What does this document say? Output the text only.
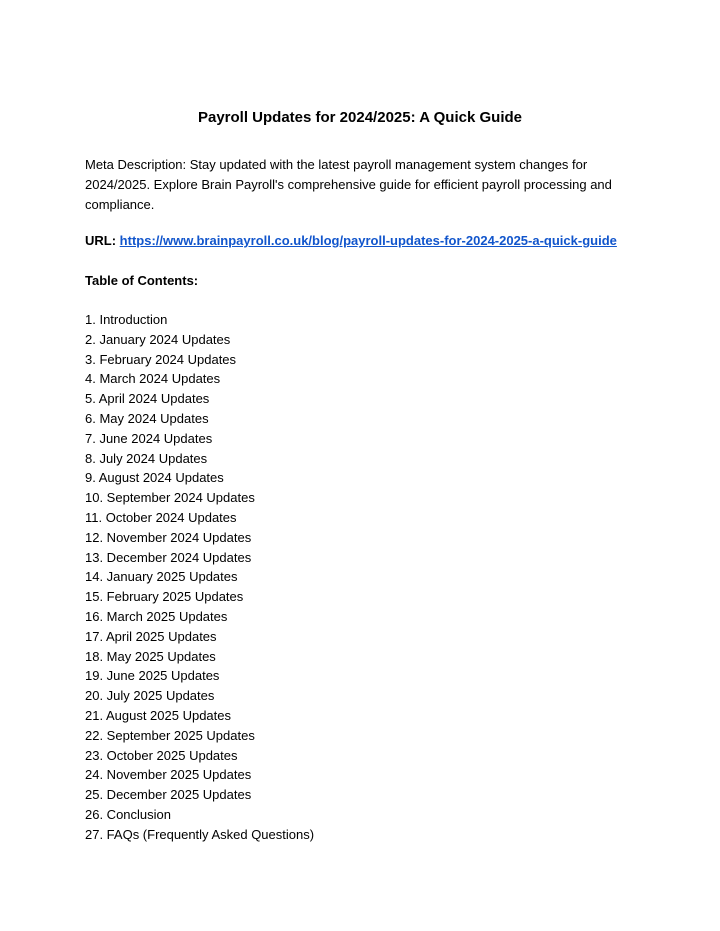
Payroll Updates for 2024/2025: A Quick Guide
Meta Description: Stay updated with the latest payroll management system changes for 2024/2025. Explore Brain Payroll's comprehensive guide for efficient payroll processing and compliance.
URL: https://www.brainpayroll.co.uk/blog/payroll-updates-for-2024-2025-a-quick-guide
Table of Contents:
1. Introduction
2. January 2024 Updates
3. February 2024 Updates
4. March 2024 Updates
5. April 2024 Updates
6. May 2024 Updates
7. June 2024 Updates
8. July 2024 Updates
9. August 2024 Updates
10. September 2024 Updates
11. October 2024 Updates
12. November 2024 Updates
13. December 2024 Updates
14. January 2025 Updates
15. February 2025 Updates
16. March 2025 Updates
17. April 2025 Updates
18. May 2025 Updates
19. June 2025 Updates
20. July 2025 Updates
21. August 2025 Updates
22. September 2025 Updates
23. October 2025 Updates
24. November 2025 Updates
25. December 2025 Updates
26. Conclusion
27. FAQs (Frequently Asked Questions)
